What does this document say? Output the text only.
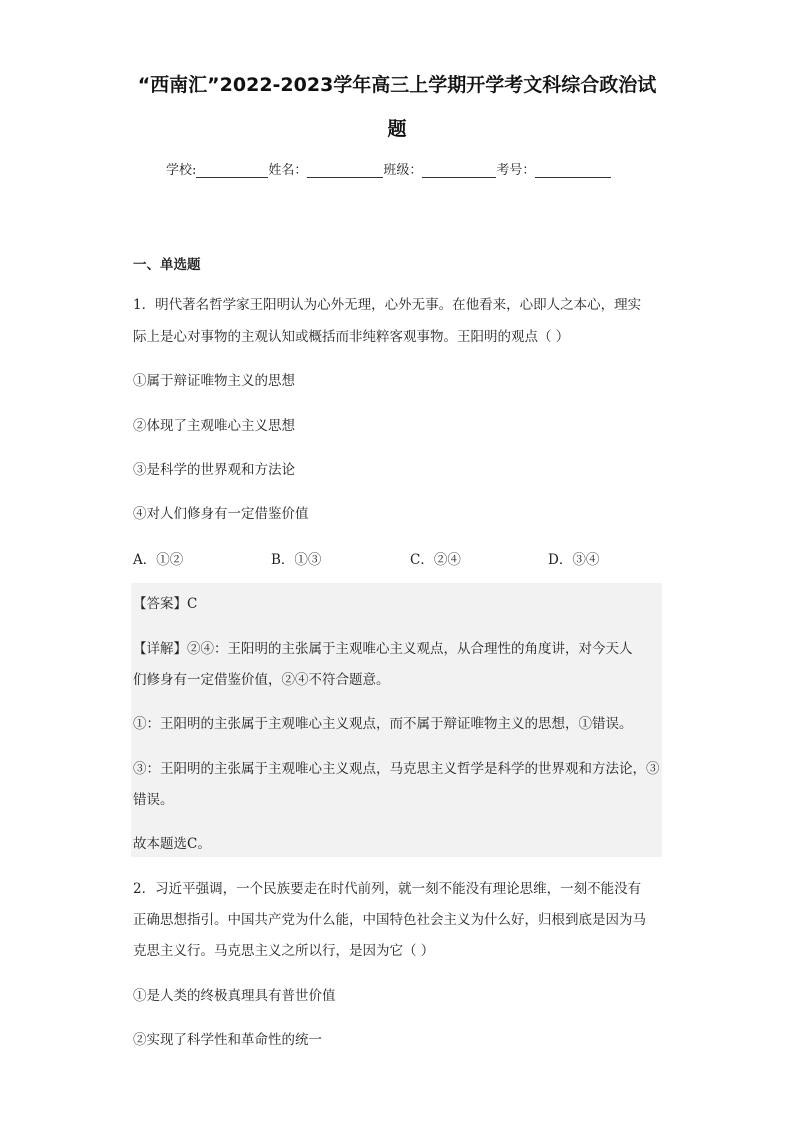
“西南汇”2022-2023学年高三上学期开学考文科综合政治试
题
学校:	姓名：	班级：	考号：
一、单选题
1．明代著名哲学家王阳明认为心外无理，心外无事。在他看来，心即人之本心，理实
际上是心对事物的主观认知或概括而非纯粹客观事物。王阳明的观点（ ）
①属于辩证唯物主义的思想
②体现了主观唯心主义思想
③是科学的世界观和方法论
④对人们修身有一定借鉴价值
A．①②	B．①③	C．②④	D．③④
【答案】C
【详解】②④：王阳明的主张属于主观唯心主义观点，从合理性的角度讲，对今天人
们修身有一定借鉴价值，②④不符合题意。
①：王阳明的主张属于主观唯心主义观点，而不属于辩证唯物主义的思想，①错误。
③：王阳明的主张属于主观唯心主义观点，马克思主义哲学是科学的世界观和方法论，③
错误。
故本题选C。
2．习近平强调，一个民族要走在时代前列，就一刻不能没有理论思维，一刻不能没有
正确思想指引。中国共产党为什么能，中国特色社会主义为什么好，归根到底是因为马
克思主义行。马克思主义之所以行，是因为它（ ）
①是人类的终极真理具有普世价值
②实现了科学性和革命性的统一
